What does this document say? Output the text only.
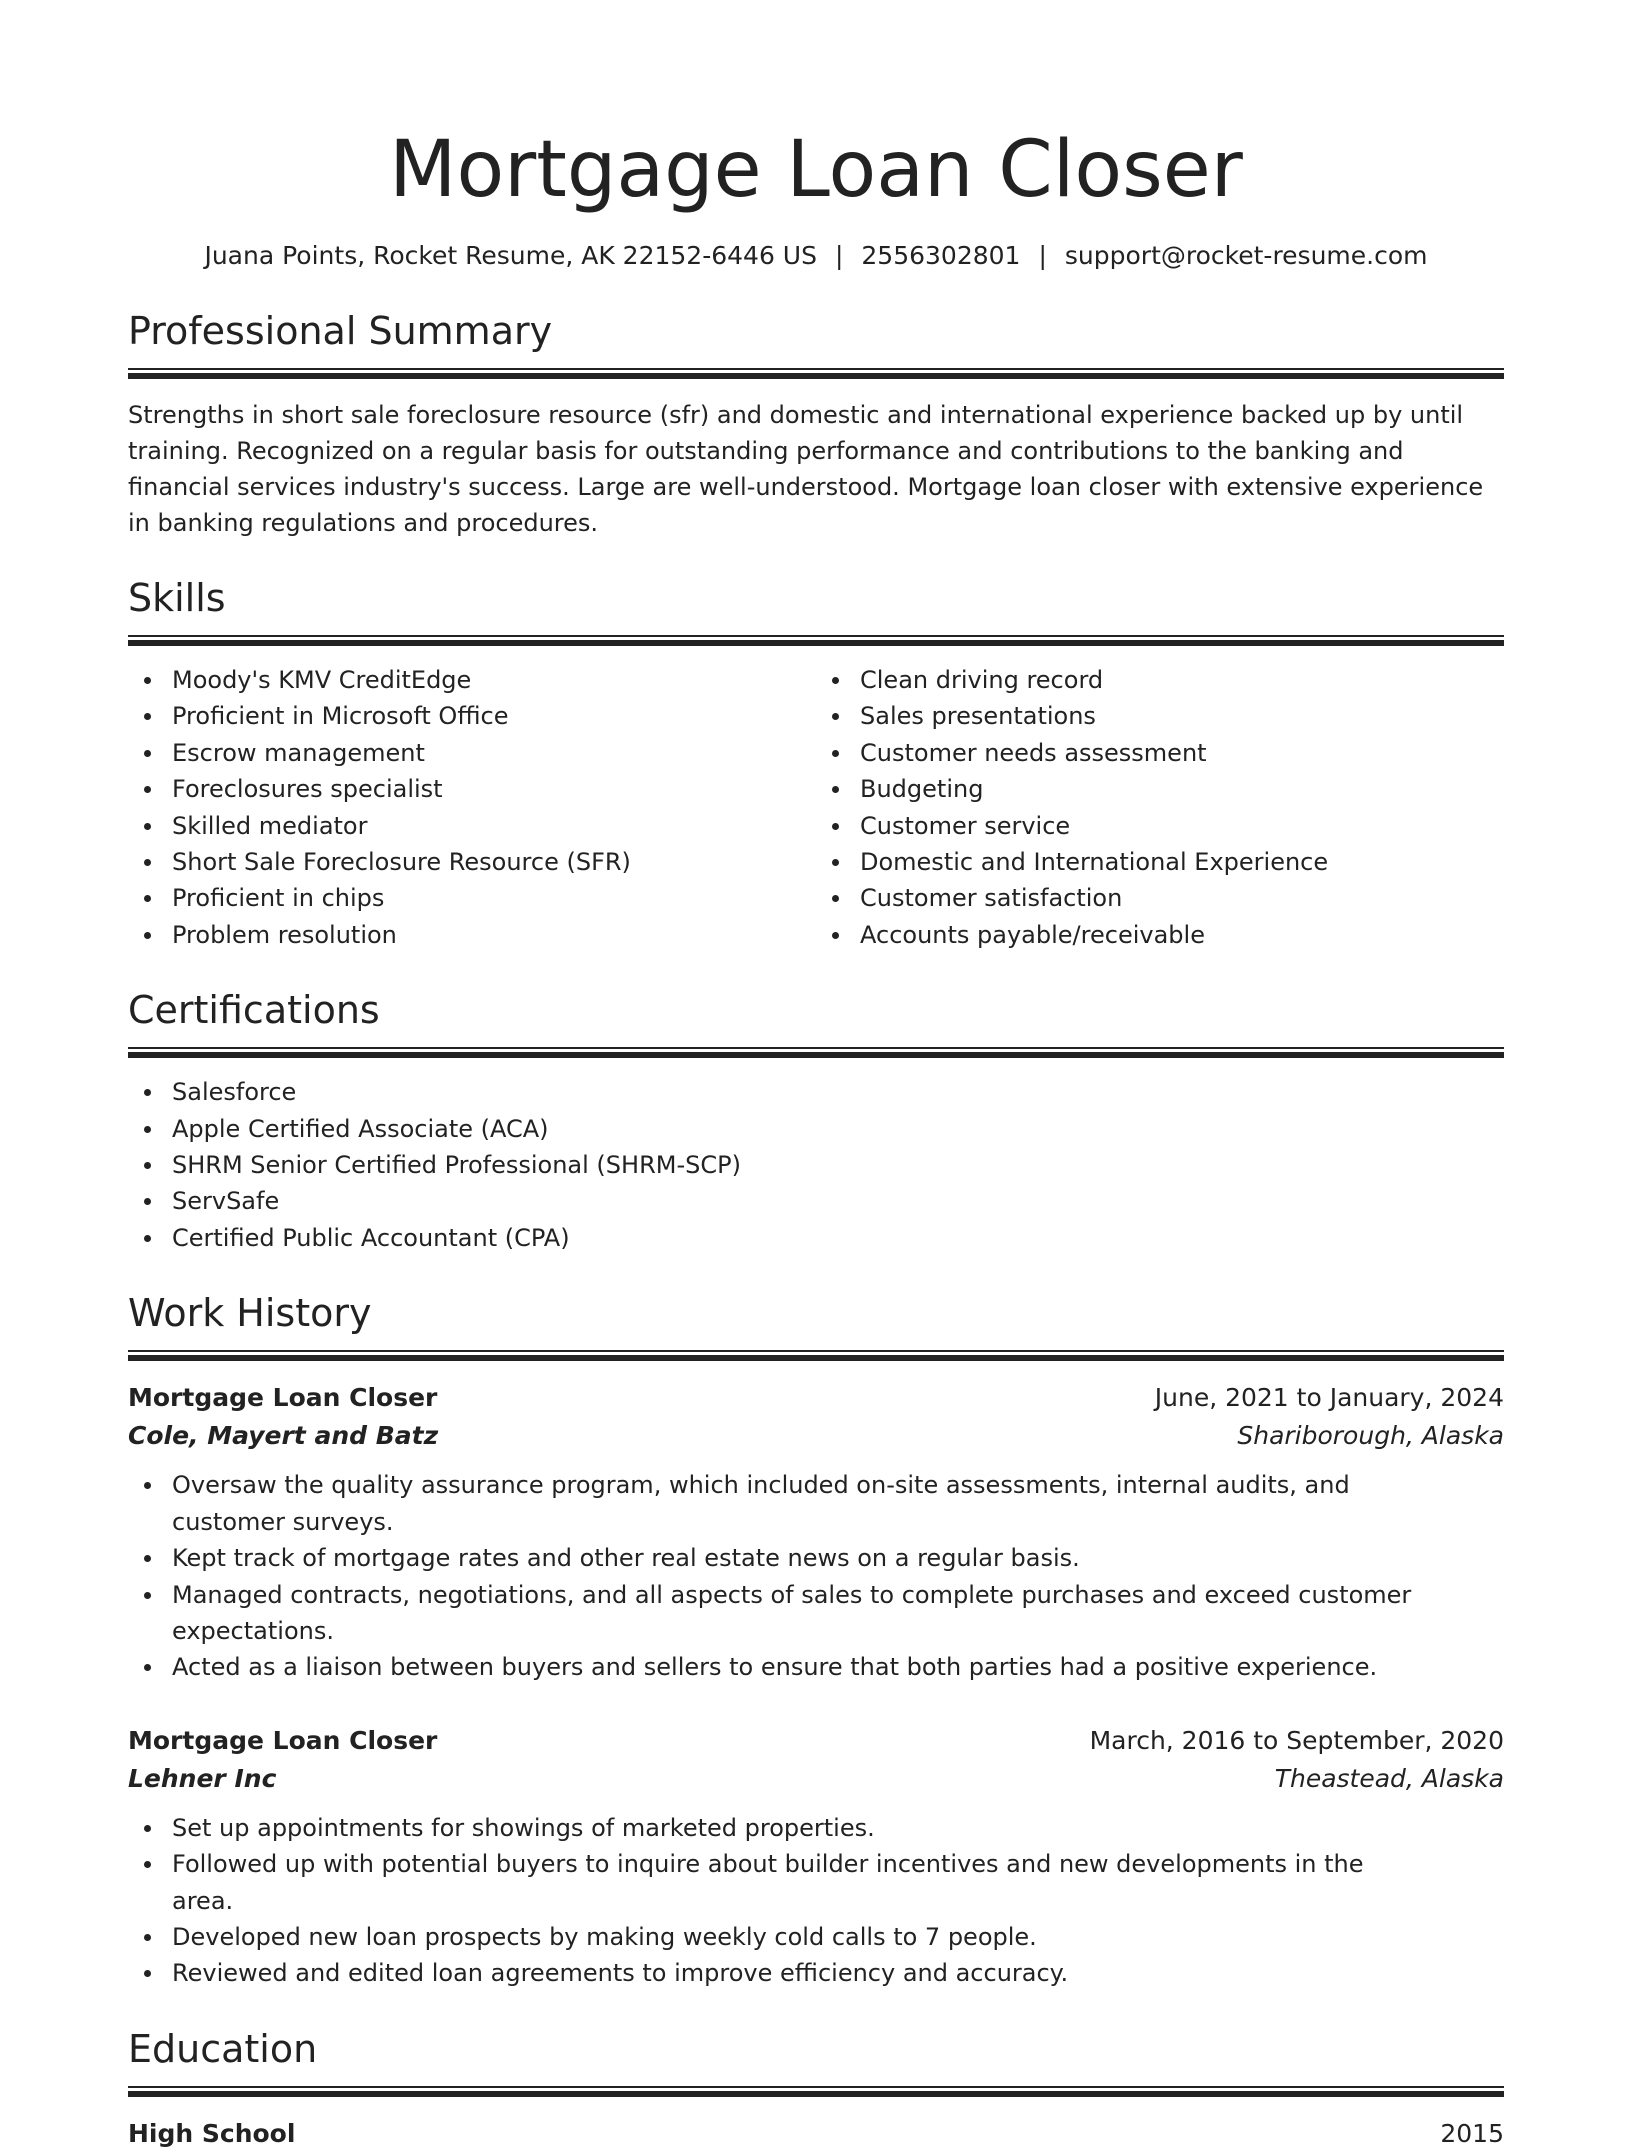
Mortgage Loan Closer
Juana Points, Rocket Resume, AK 22152-6446 US | 2556302801 | support@rocket-resume.com
Professional Summary

Strengths in short sale foreclosure resource (sfr) and domestic and international experience backed up by until training. Recognized on a regular basis for outstanding performance and contributions to the banking and financial services industry's success. Large are well-understood. Mortgage loan closer with extensive experience in banking regulations and procedures.

Skills
Moody's KMV CreditEdge
Proficient in Microsoft Office
Escrow management
Foreclosures specialist
Skilled mediator
Short Sale Foreclosure Resource (SFR)
Proficient in chips
Problem resolution
Clean driving record
Sales presentations
Customer needs assessment
Budgeting
Customer service
Domestic and International Experience
Customer satisfaction
Accounts payable/receivable
Certifications
Salesforce
Apple Certified Associate (ACA)
SHRM Senior Certified Professional (SHRM-SCP)
ServSafe
Certified Public Accountant (CPA)
Work History
Mortgage Loan Closer	June, 2021 to January, 2024
Cole, Mayert and Batz	Shariborough, Alaska
Oversaw the quality assurance program, which included on-site assessments, internal audits, and customer surveys.
Kept track of mortgage rates and other real estate news on a regular basis.
Managed contracts, negotiations, and all aspects of sales to complete purchases and exceed customer expectations.
Acted as a liaison between buyers and sellers to ensure that both parties had a positive experience.
Mortgage Loan Closer	March, 2016 to September, 2020
Lehner Inc	Theastead, Alaska
Set up appointments for showings of marketed properties.
Followed up with potential buyers to inquire about builder incentives and new developments in the area.
Developed new loan prospects by making weekly cold calls to 7 people.
Reviewed and edited loan agreements to improve efficiency and accuracy.
Education
High School	2015
